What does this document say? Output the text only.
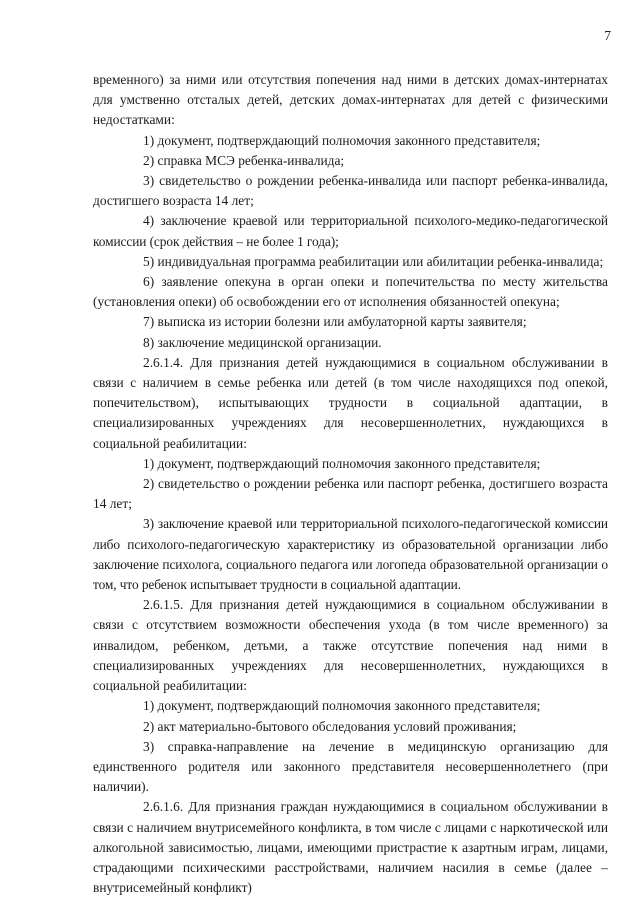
7

временного) за ними или отсутствия попечения над ними в детских домах-интернатах для умственно отсталых детей, детских домах-интернатах для детей с физическими недостатками:

1) документ, подтверждающий полномочия законного представителя;

2) справка МСЭ ребенка-инвалида;

3) свидетельство о рождении ребенка-инвалида или паспорт ребенка-инвалида, достигшего возраста 14 лет;

4) заключение краевой или территориальной психолого-медико-педагогической комиссии (срок действия – не более 1 года);

5) индивидуальная программа реабилитации или абилитации ребенка-инвалида;

6) заявление опекуна в орган опеки и попечительства по месту жительства (установления опеки) об освобождении его от исполнения обязанностей опекуна;

7) выписка из истории болезни или амбулаторной карты заявителя;

8) заключение медицинской организации.

2.6.1.4. Для признания детей нуждающимися в социальном обслуживании в связи с наличием в семье ребенка или детей (в том числе находящихся под опекой, попечительством), испытывающих трудности в социальной адаптации, в специализированных учреждениях для несовершеннолетних, нуждающихся в социальной реабилитации:

1) документ, подтверждающий полномочия законного представителя;

2) свидетельство о рождении ребенка или паспорт ребенка, достигшего возраста 14 лет;

3) заключение краевой или территориальной психолого-педагогической комиссии либо психолого-педагогическую характеристику из образовательной организации либо заключение психолога, социального педагога или логопеда образовательной организации о том, что ребенок испытывает трудности в социальной адаптации.

2.6.1.5. Для признания детей нуждающимися в социальном обслуживании в связи с отсутствием возможности обеспечения ухода (в том числе временного) за инвалидом, ребенком, детьми, а также отсутствие попечения над ними в специализированных учреждениях для несовершеннолетних, нуждающихся в социальной реабилитации:

1) документ, подтверждающий полномочия законного представителя;

2) акт материально-бытового обследования условий проживания;

3) справка-направление на лечение в медицинскую организацию для единственного родителя или законного представителя несовершеннолетнего (при наличии).

2.6.1.6. Для признания граждан нуждающимися в социальном обслуживании в связи с наличием внутрисемейного конфликта, в том числе с лицами с наркотической или алкогольной зависимостью, лицами, имеющими пристрастие к азартным играм, лицами, страдающими психическими расстройствами, наличием насилия в семье (далее – внутрисемейный конфликт)
